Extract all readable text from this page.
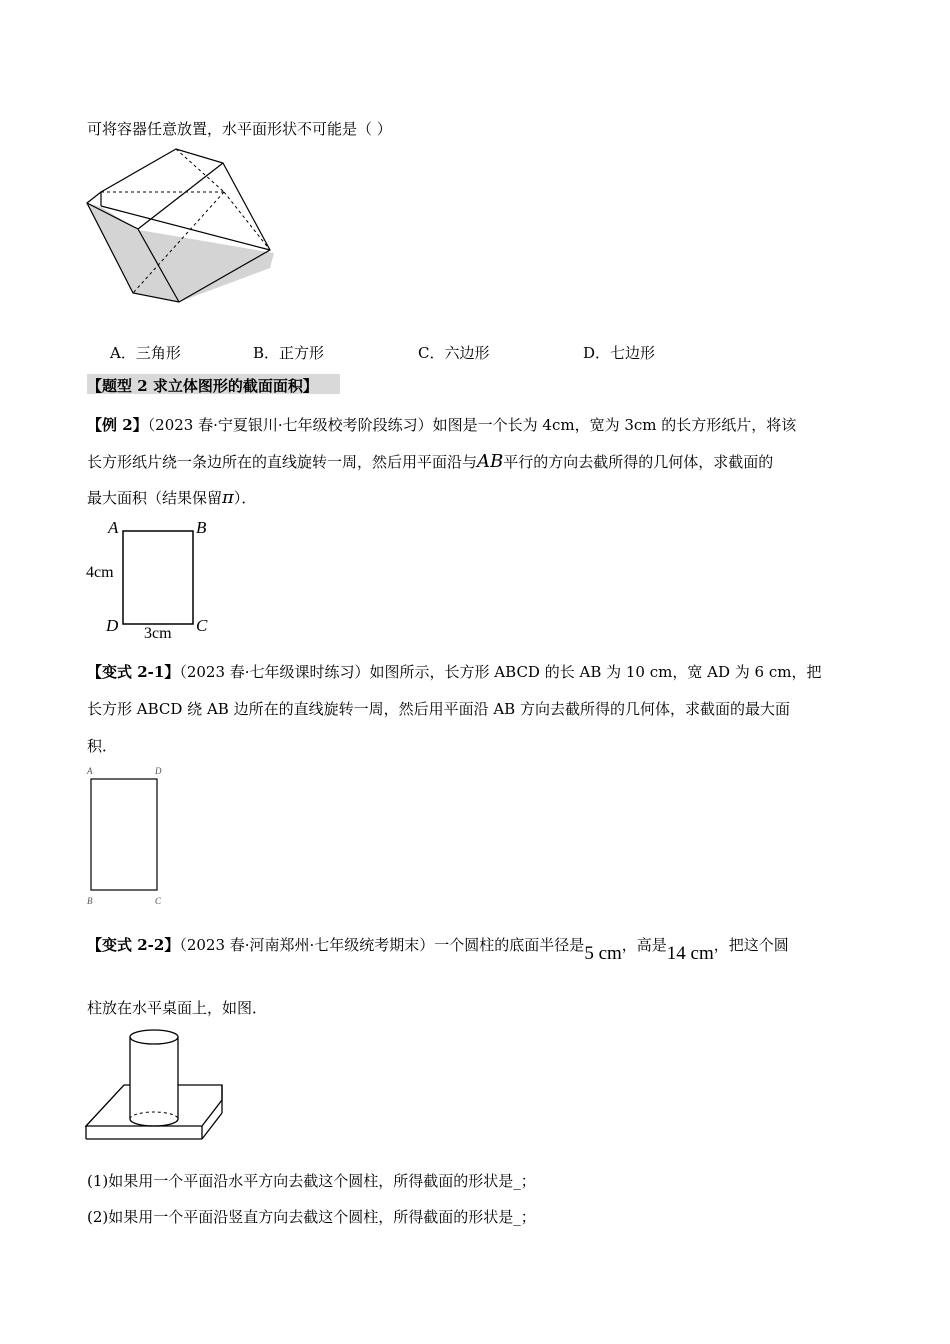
可将容器任意放置，水平面形状不可能是（ ）
A．三角形	B．正方形	C．六边形	D．七边形
【题型 2 求立体图形的截面面积】
【例 2】（2023 春·宁夏银川·七年级校考阶段练习）如图是一个长为 4cm，宽为 3cm 的长方形纸片，将该
长方形纸片绕一条边所在的直线旋转一周，然后用平面沿与AB平行的方向去截所得的几何体，求截面的
最大面积（结果保留π）．
A	B
C
D
4cm
3cm
【变式 2-1】（2023 春·七年级课时练习）如图所示，长方形 ABCD 的长 AB 为 10 cm，宽 AD 为 6 cm，把
长方形 ABCD 绕 AB 边所在的直线旋转一周，然后用平面沿 AB 方向去截所得的几何体，求截面的最大面
积．
A	D
B	C
【变式 2-2】（2023 春·河南郑州·七年级统考期末）一个圆柱的底面半径是5 cm，高是14 cm，把这个圆
柱放在水平桌面上，如图．
(1)如果用一个平面沿水平方向去截这个圆柱，所得截面的形状是_；
(2)如果用一个平面沿竖直方向去截这个圆柱，所得截面的形状是_；
